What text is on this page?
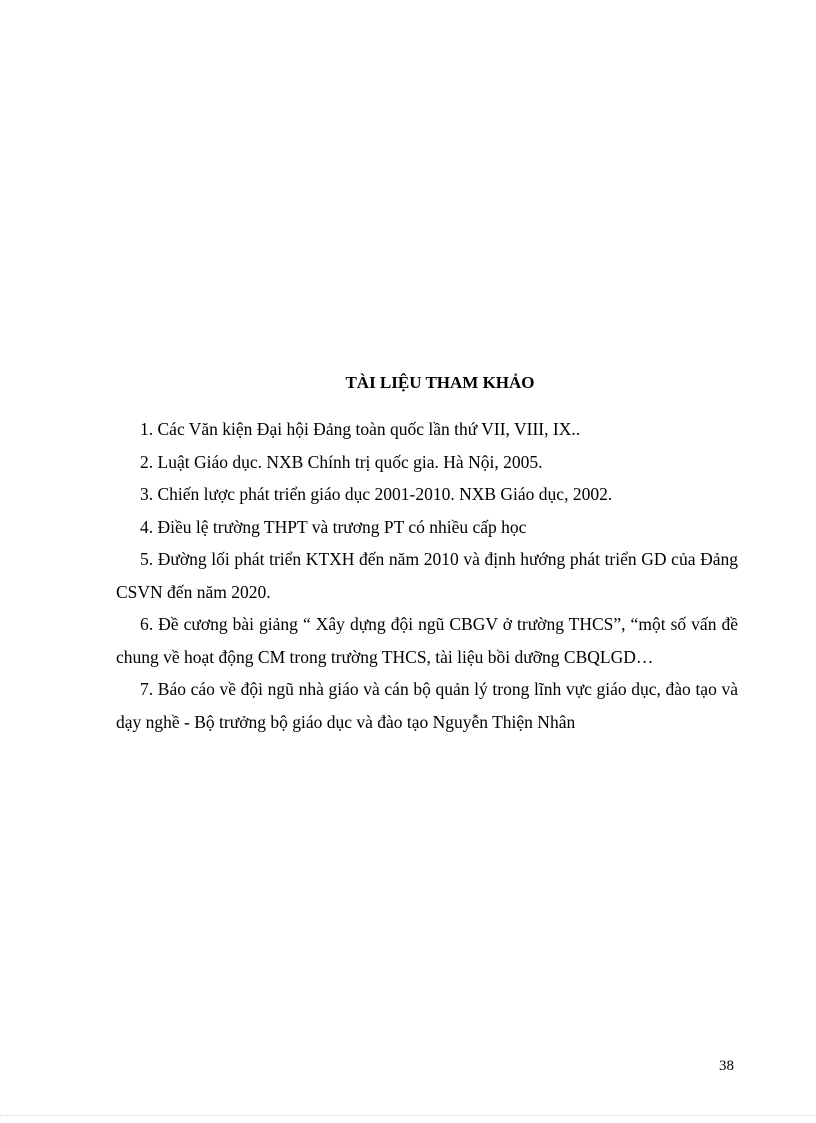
TÀI LIỆU THAM KHẢO

1. Các Văn kiện Đại hội Đảng toàn quốc lần thứ VII, VIII, IX..

2. Luật Giáo dục. NXB Chính trị quốc gia. Hà Nội, 2005.

3. Chiến lược phát triển giáo dục 2001-2010. NXB Giáo dục, 2002.

4. Điều lệ trường THPT và trương PT có nhiều cấp học

5. Đường lối phát triển KTXH đến năm 2010 và định hướng phát triển GD của Đảng CSVN đến năm 2020.

6. Đề cương bài giảng “ Xây dựng đội ngũ CBGV ở trường THCS”, “một số vấn đề chung về hoạt động CM trong trường THCS, tài liệu bồi dưỡng CBQLGD…

7. Báo cáo về đội ngũ nhà giáo và cán bộ quản lý trong lĩnh vực giáo dục, đào tạo và dạy nghề - Bộ trưởng bộ giáo dục và đào tạo Nguyễn Thiện Nhân

38
